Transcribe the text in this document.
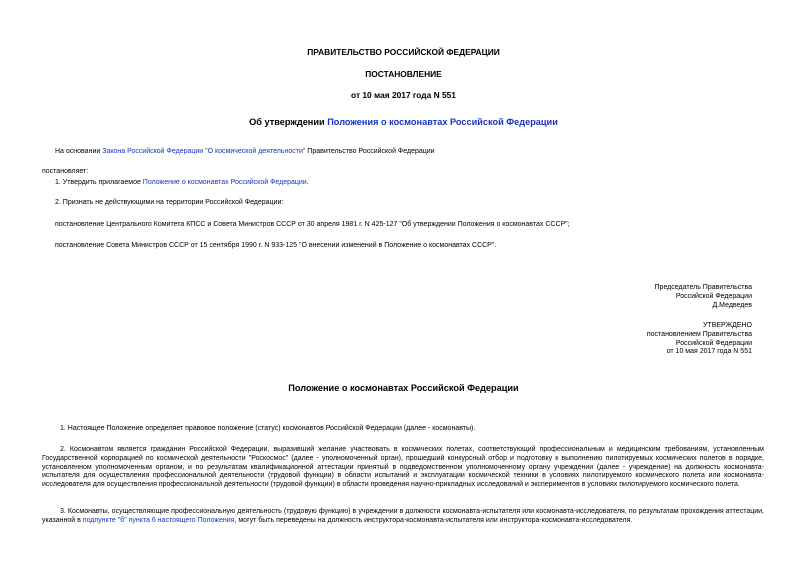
ПРАВИТЕЛЬСТВО РОССИЙСКОЙ ФЕДЕРАЦИИ
ПОСТАНОВЛЕНИЕ
от 10 мая 2017 года N 551
Об утверждении Положения о космонавтах Российской Федерации
На основании Закона Российской Федерации "О космической деятельности" Правительство Российской Федерации
постановляет:
1. Утвердить прилагаемое Положение о космонавтах Российской Федерации.
2. Признать не действующими на территории Российской Федерации:
постановление Центрального Комитета КПСС и Совета Министров СССР от 30 апреля 1981 г. N 425-127 "Об утверждении Положения о космонавтах СССР";
постановление Совета Министров СССР от 15 сентября 1990 г. N 933-125 "О внесении изменений в Положение о космонавтах СССР".
Председатель Правительства
Российской Федерации
Д.Медведев
УТВЕРЖДЕНО
постановлением Правительства
Российской Федерации
от 10 мая 2017 года N 551
Положение о космонавтах Российской Федерации
1. Настоящее Положение определяет правовое положение (статус) космонавтов Российской Федерации (далее - космонавты).
2. Космонавтом является гражданин Российской Федерации, выразивший желание участвовать в космических полетах, соответствующий профессиональным и медицинским требованиям, установленным Государственной корпорацией по космической деятельности "Роскосмос" (далее - уполномоченный орган), прошедший конкурсный отбор и подготовку к выполнению пилотируемых космических полетов в порядке, установленном уполномоченным органом, и по результатам квалификационной аттестации принятый в подведомственном уполномоченному органу учреждении (далее - учреждение) на должность космонавта-испытателя для осуществления профессиональной деятельности (трудовой функции) в области испытаний и эксплуатации космической техники в условиях пилотируемого космического полета или космонавта-исследователя для осуществления профессиональной деятельности (трудовой функции) в области проведения научно-прикладных исследований и экспериментов в условиях пилотируемого космического полета.
3. Космонавты, осуществляющие профессиональную деятельность (трудовую функцию) в учреждении в должности космонавта-испытателя или космонавта-исследователя, по результатам прохождения аттестации, указанной в подпункте "б" пункта 6 настоящего Положения, могут быть переведены на должность инструктора-космонавта-испытателя или инструктора-космонавта-исследователя.
